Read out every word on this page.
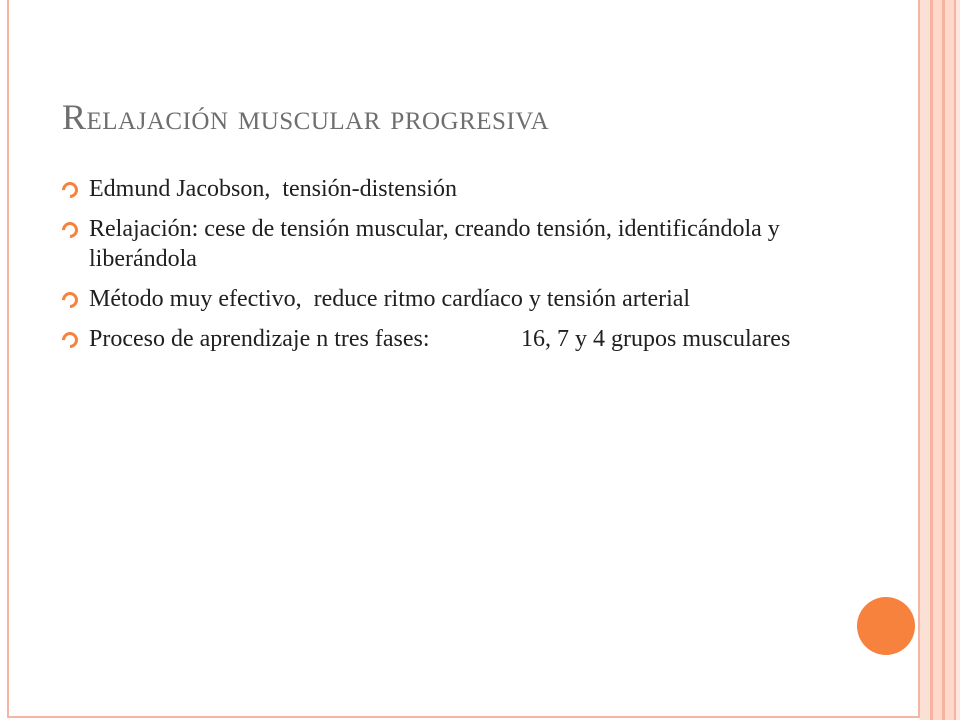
Relajación muscular progresiva
Edmund Jacobson,  tensión-distensión
Relajación: cese de tensión muscular, creando tensión, identificándola y liberándola
Método muy efectivo,  reduce ritmo cardíaco y tensión arterial
Proceso de aprendizaje n tres fases:		16, 7 y 4 grupos musculares
